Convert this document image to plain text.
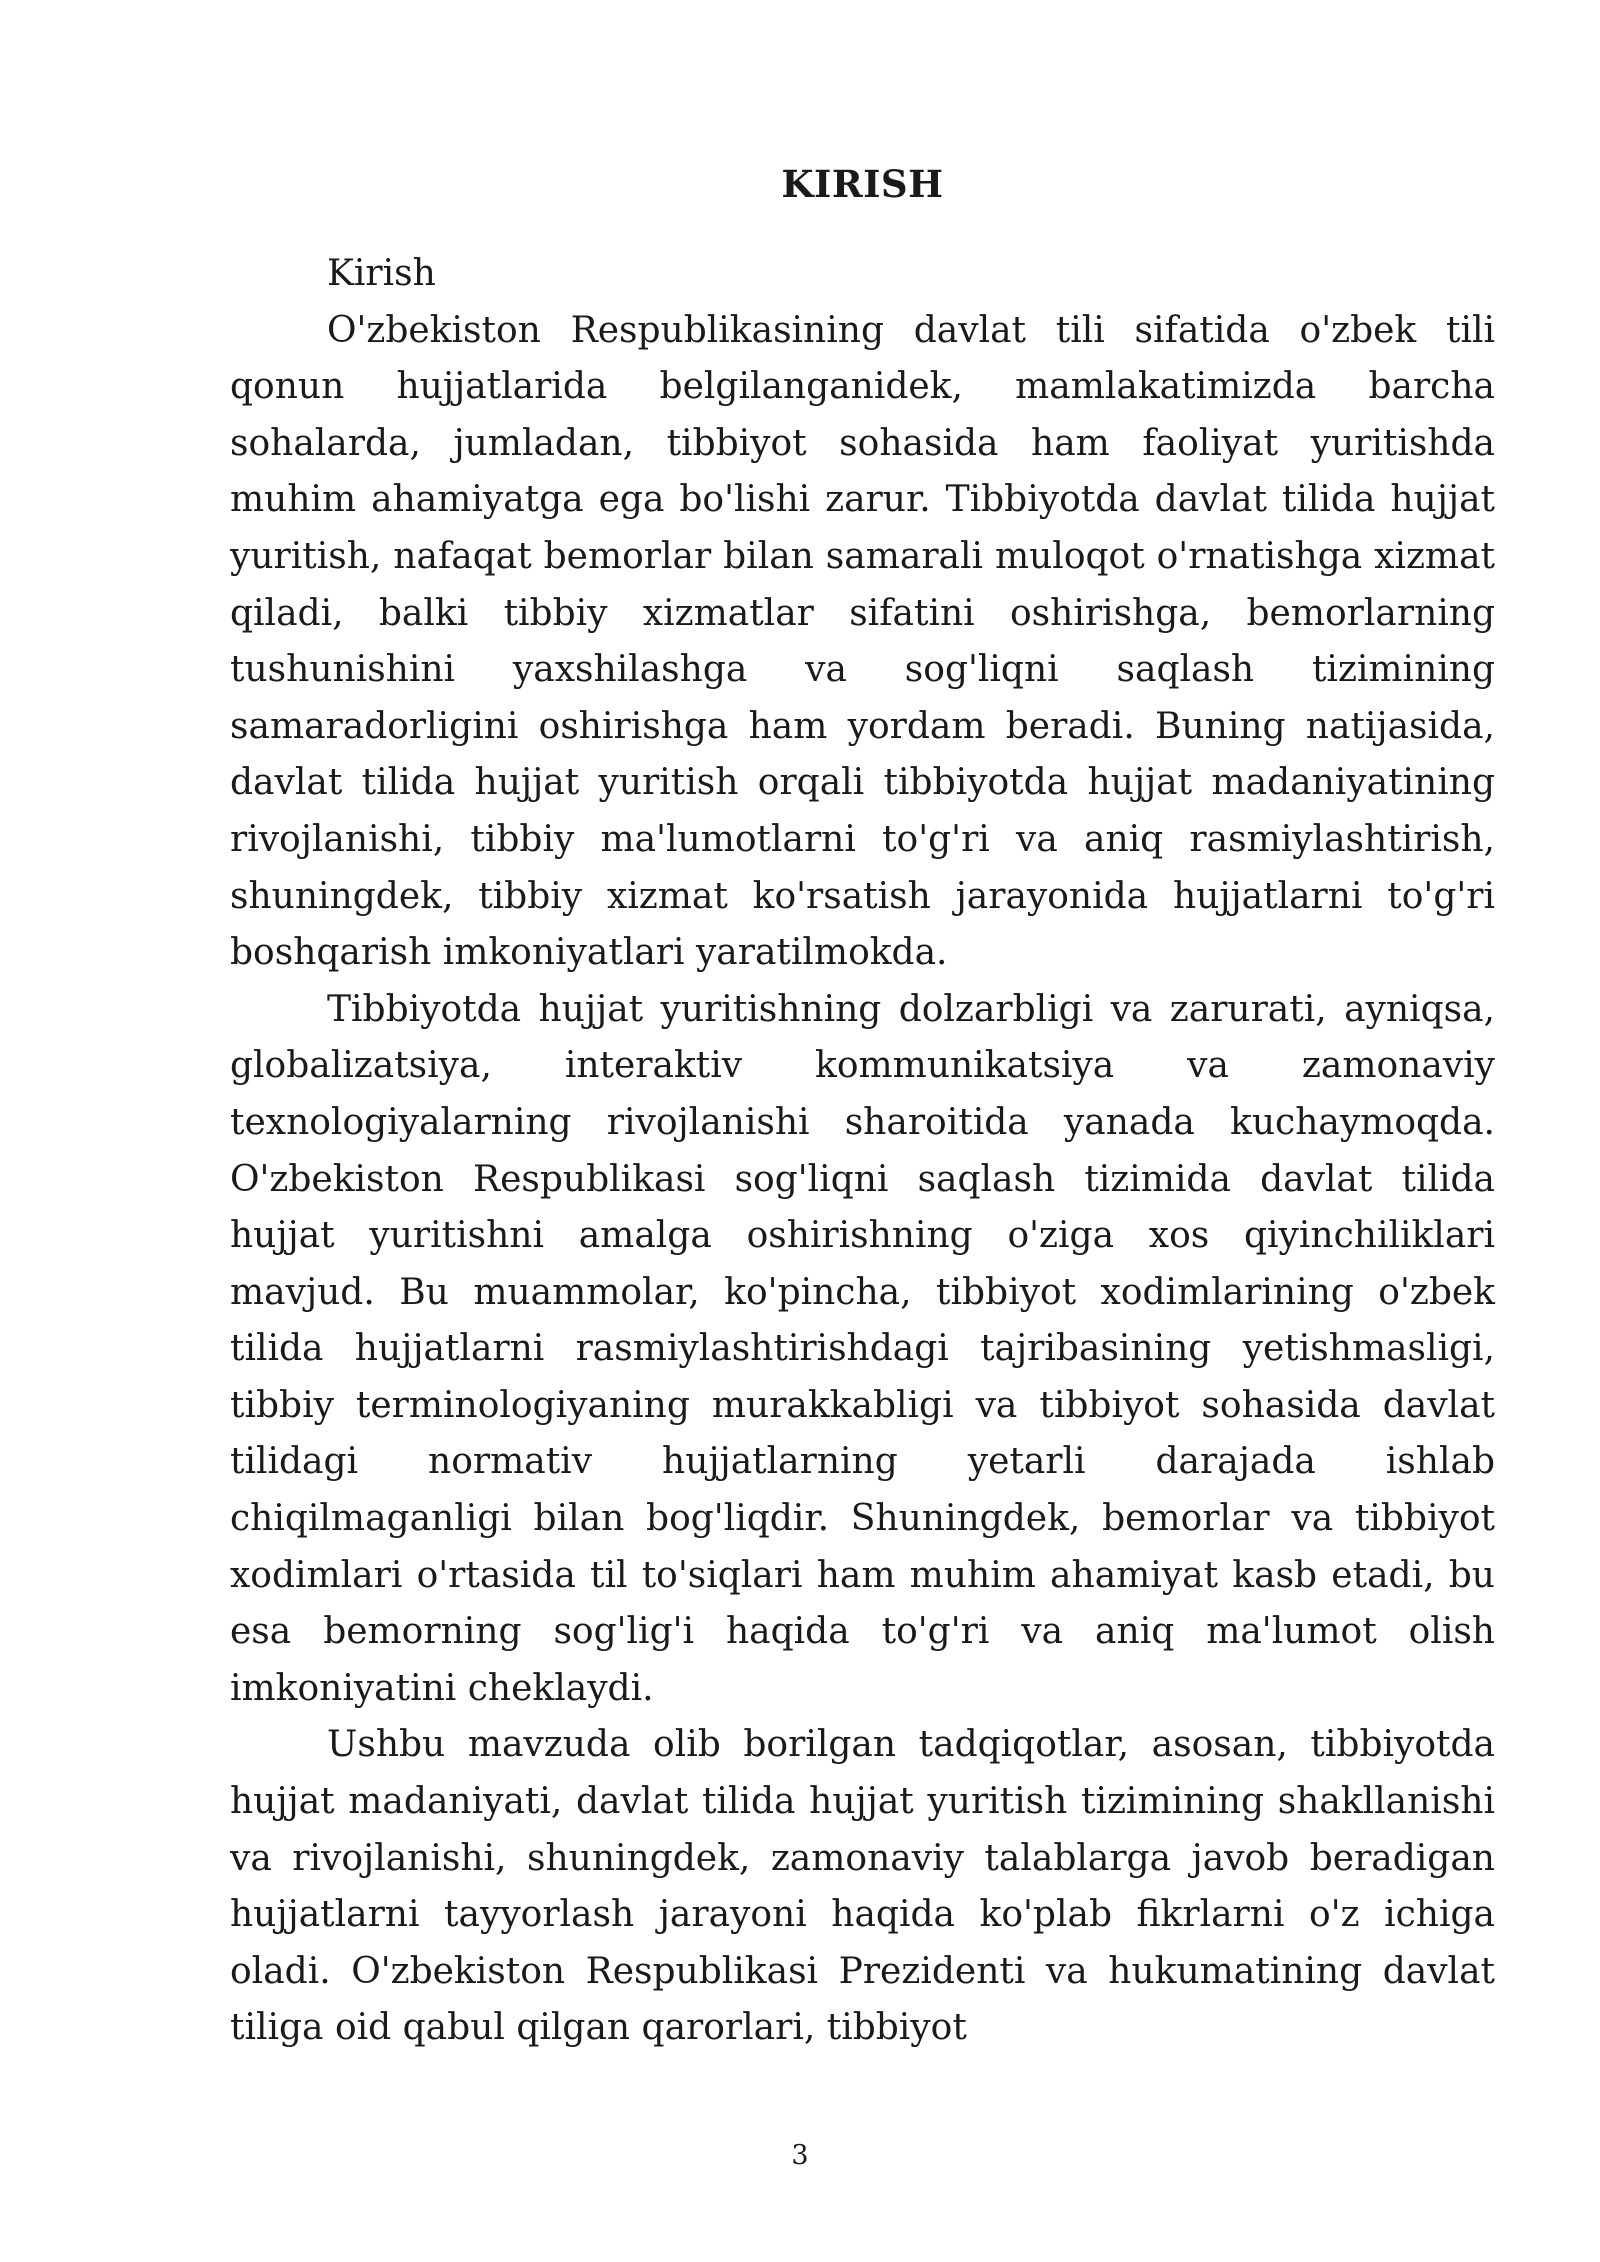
KIRISH

Kirish

O'zbekiston Respublikasining davlat tili sifatida o'zbek tili qonun hujjatlarida belgilanganidek, mamlakatimizda barcha sohalarda, jumladan, tibbiyot sohasida ham faoliyat yuritishda muhim ahamiyatga ega bo'lishi zarur. Tibbiyotda davlat tilida hujjat yuritish, nafaqat bemorlar bilan samarali muloqot o'rnatishga xizmat qiladi, balki tibbiy xizmatlar sifatini oshirishga, bemorlarning tushunishini yaxshilashga va sog'liqni saqlash tizimining samaradorligini oshirishga ham yordam beradi. Buning natijasida, davlat tilida hujjat yuritish orqali tibbiyotda hujjat madaniyatining rivojlanishi, tibbiy ma'lumotlarni to'g'ri va aniq rasmiylashtirish, shuningdek, tibbiy xizmat ko'rsatish jarayonida hujjatlarni to'g'ri boshqarish imkoniyatlari yaratilmokda.

Tibbiyotda hujjat yuritishning dolzarbligi va zarurati, ayniqsa, globalizatsiya, interaktiv kommunikatsiya va zamonaviy texnologiyalarning rivojlanishi sharoitida yanada kuchaymoqda. O'zbekiston Respublikasi sog'liqni saqlash tizimida davlat tilida hujjat yuritishni amalga oshirishning o'ziga xos qiyinchiliklari mavjud. Bu muammolar, ko'pincha, tibbiyot xodimlarining o'zbek tilida hujjatlarni rasmiylashtirishdagi tajribasining yetishmasligi, tibbiy terminologiyaning murakkabligi va tibbiyot sohasida davlat tilidagi normativ hujjatlarning yetarli darajada ishlab chiqilmaganligi bilan bog'liqdir. Shuningdek, bemorlar va tibbiyot xodimlari o'rtasida til to'siqlari ham muhim ahamiyat kasb etadi, bu esa bemorning sog'lig'i haqida to'g'ri va aniq ma'lumot olish imkoniyatini cheklaydi.

Ushbu mavzuda olib borilgan tadqiqotlar, asosan, tibbiyotda hujjat madaniyati, davlat tilida hujjat yuritish tizimining shakllanishi va rivojlanishi, shuningdek, zamonaviy talablarga javob beradigan hujjatlarni tayyorlash jarayoni haqida ko'plab fikrlarni o'z ichiga oladi. O'zbekiston Respublikasi Prezidenti va hukumatining davlat tiliga oid qabul qilgan qarorlari, tibbiyot

3
